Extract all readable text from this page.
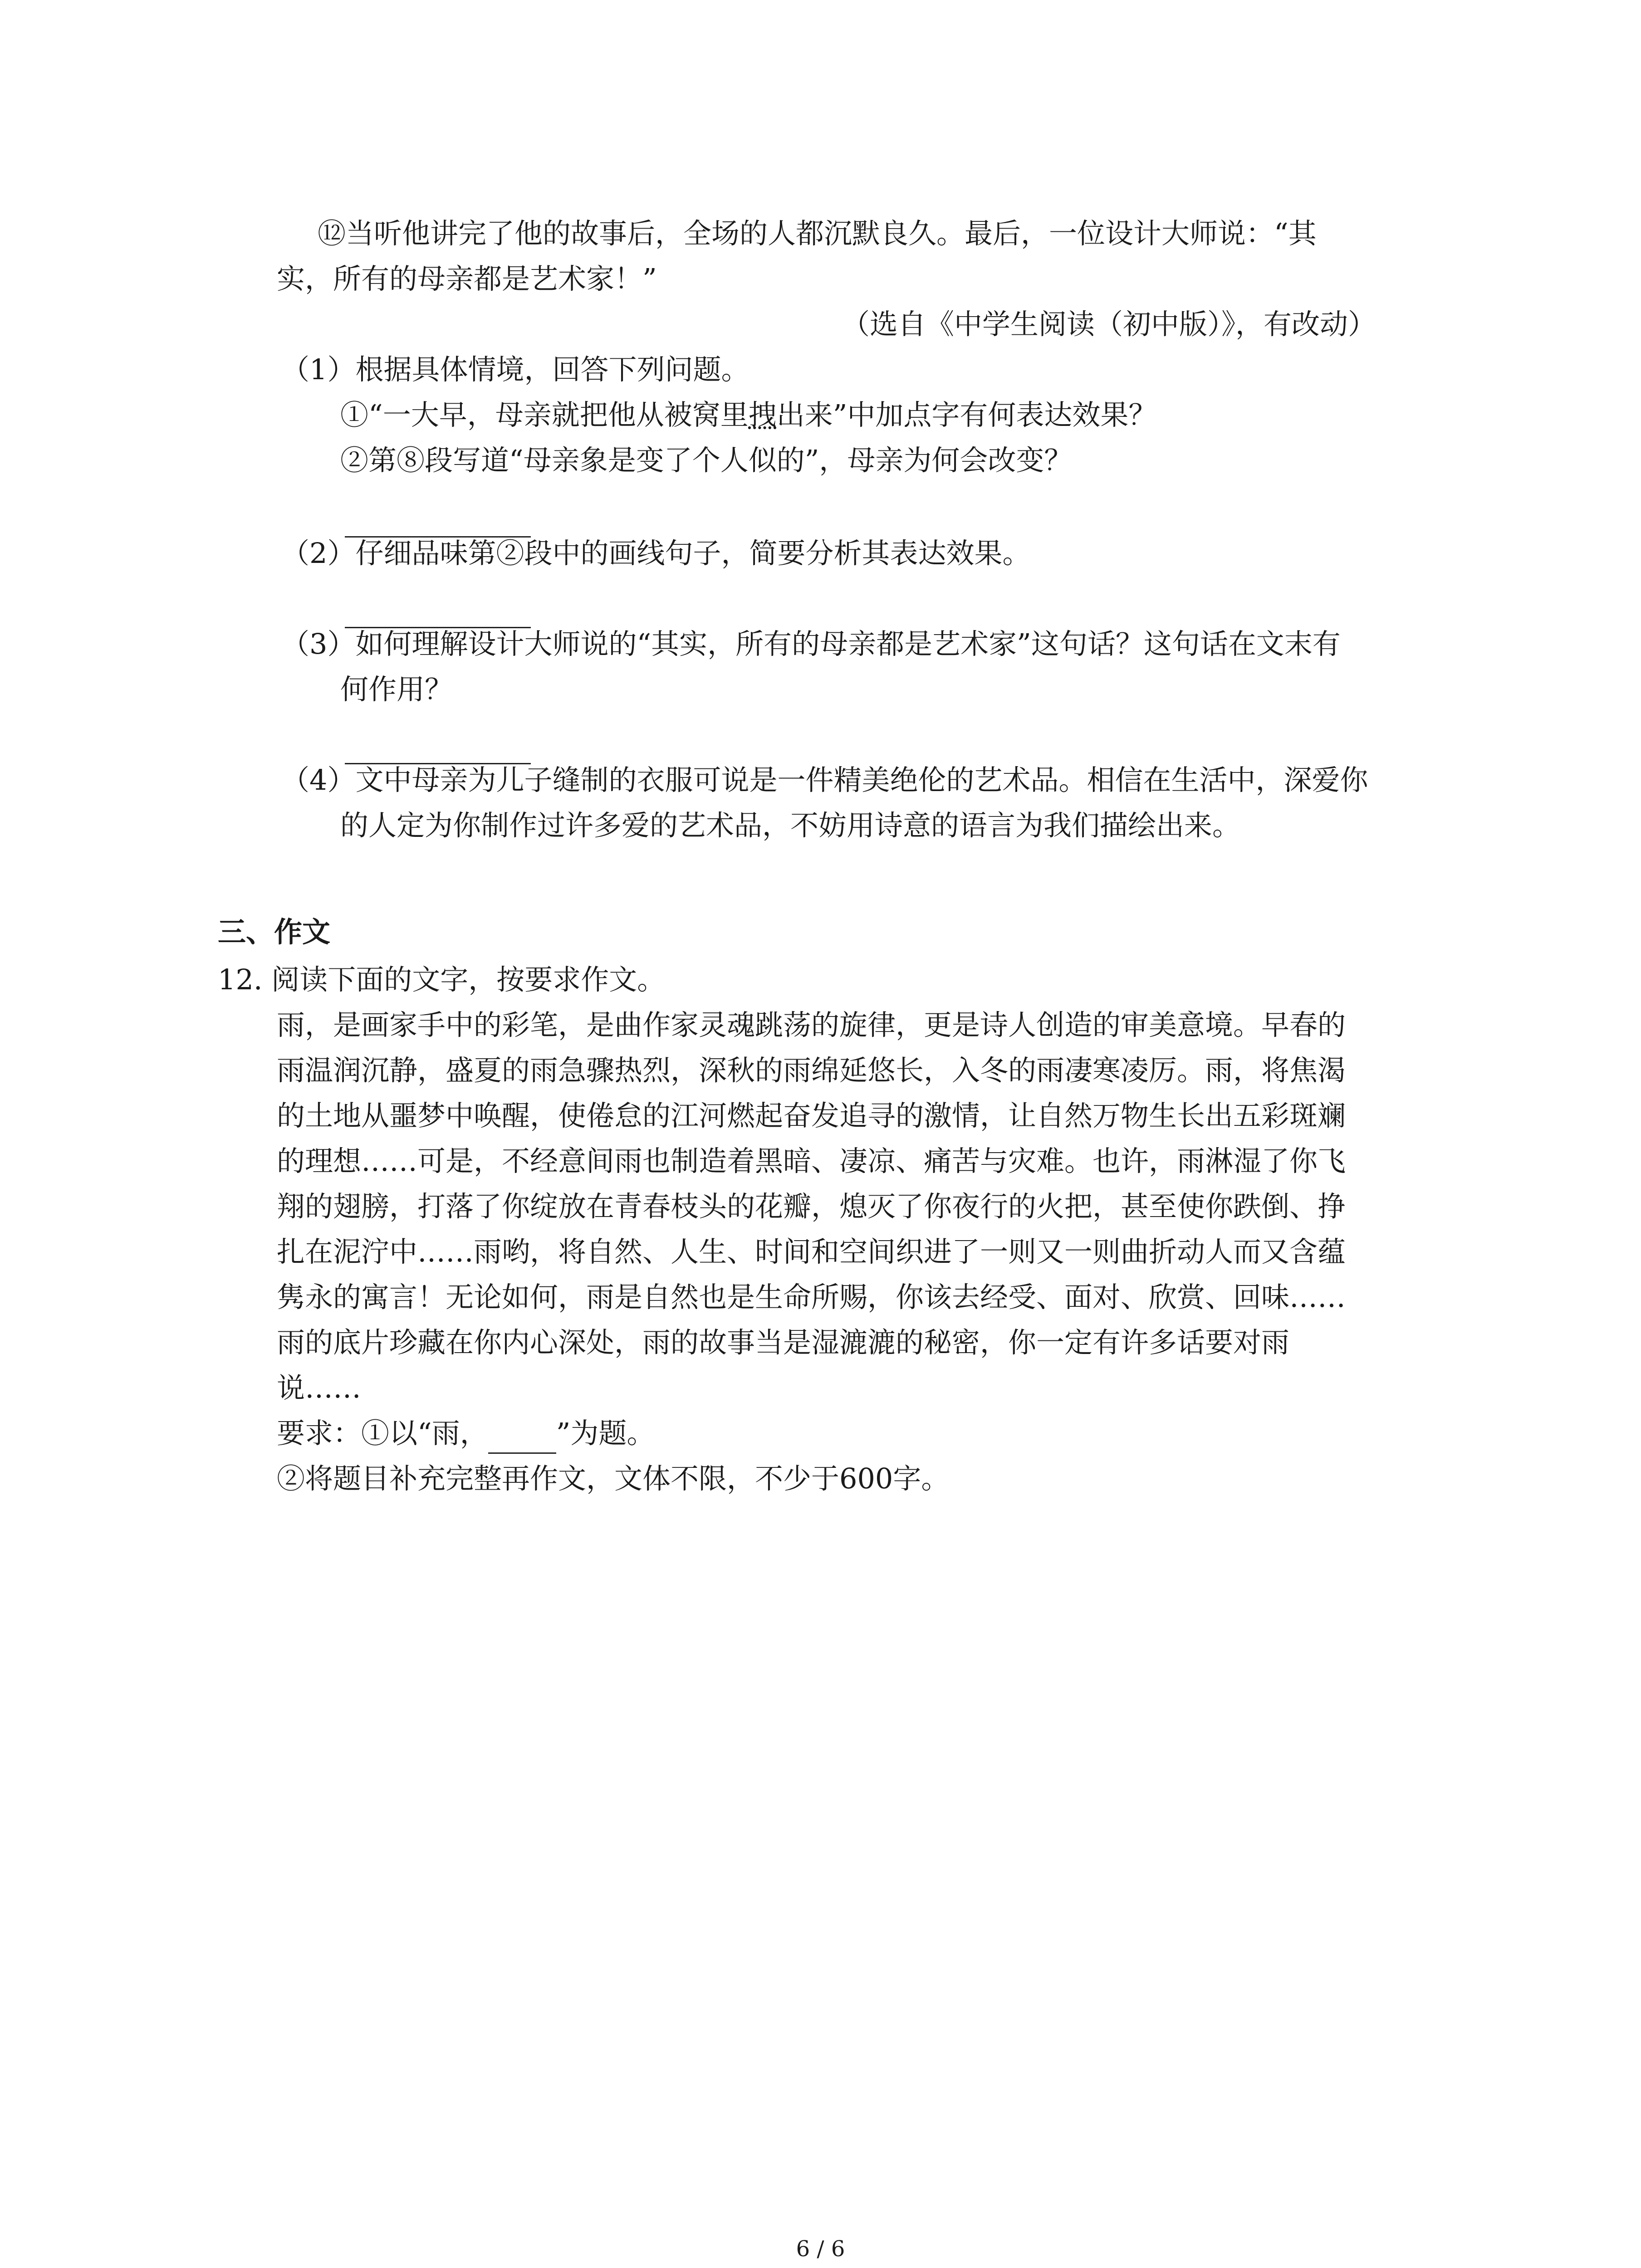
⑫当听他讲完了他的故事后，全场的人都沉默良久。最后，一位设计大师说：“其
实，所有的母亲都是艺术家！”
（选自《中学生阅读（初中版）》，有改动）
（1）根据具体情境，回答下列问题。
①“一大早，母亲就把他从被窝里拽出来”中加点字有何表达效果？
②第⑧段写道“母亲象是变了个人似的”，母亲为何会改变？
（2）仔细品味第②段中的画线句子，简要分析其表达效果。
（3）如何理解设计大师说的“其实，所有的母亲都是艺术家”这句话？这句话在文末有
何作用？
（4）文中母亲为儿子缝制的衣服可说是一件精美绝伦的艺术品。相信在生活中，深爱你
的人定为你制作过许多爱的艺术品，不妨用诗意的语言为我们描绘出来。
三、作文
12. 阅读下面的文字，按要求作文。
雨，是画家手中的彩笔，是曲作家灵魂跳荡的旋律，更是诗人创造的审美意境。早春的
雨温润沉静，盛夏的雨急骤热烈，深秋的雨绵延悠长，入冬的雨凄寒凌厉。雨，将焦渴
的土地从噩梦中唤醒，使倦怠的江河燃起奋发追寻的激情，让自然万物生长出五彩斑斓
的理想……可是，不经意间雨也制造着黑暗、凄凉、痛苦与灾难。也许，雨淋湿了你飞
翔的翅膀，打落了你绽放在青春枝头的花瓣，熄灭了你夜行的火把，甚至使你跌倒、挣
扎在泥泞中……雨哟，将自然、人生、时间和空间织进了一则又一则曲折动人而又含蕴
隽永的寓言！无论如何，雨是自然也是生命所赐，你该去经受、面对、欣赏、回味……
雨的底片珍藏在你内心深处，雨的故事当是湿漉漉的秘密，你一定有许多话要对雨
说……
要求：①以“雨， ”为题。
②将题目补充完整再作文，文体不限，不少于600字。
6 / 6
